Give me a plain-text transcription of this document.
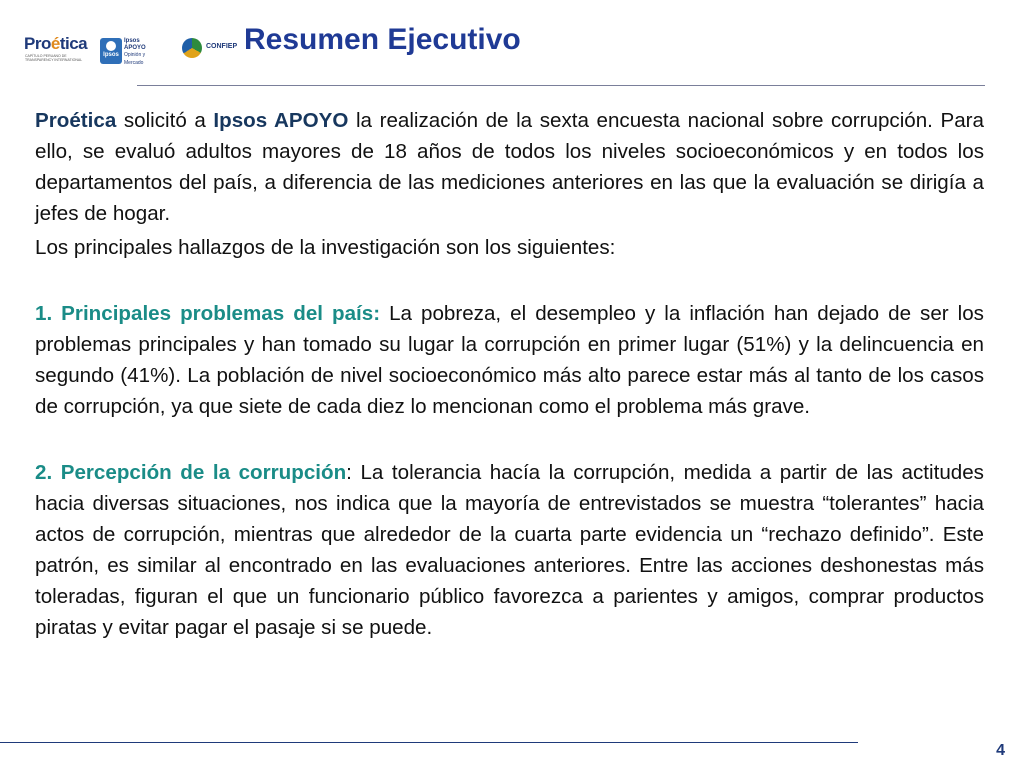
Proética
CAPÍTULO PERUANO DE TRANSPARENCY INTERNATIONAL
Ipsos
Ipsos APOYO
Opinión y Mercado
CONFIEP Resumen Ejecutivo

Proética solicitó a Ipsos APOYO la realización de la sexta encuesta nacional sobre corrupción. Para ello, se evaluó adultos mayores de 18 años de todos los niveles socioeconómicos y en todos los departamentos del país, a diferencia de las mediciones anteriores en las que la evaluación se dirigía a jefes de hogar.

Los principales hallazgos de la investigación son los siguientes:

1. Principales problemas del país: La pobreza, el desempleo y la inflación han dejado de ser los problemas principales y han tomado su lugar la corrupción en primer lugar (51%) y la delincuencia en segundo (41%). La población de nivel socioeconómico más alto parece estar más al tanto de los casos de corrupción, ya que siete de cada diez lo mencionan como el problema más grave.

2. Percepción de la corrupción: La tolerancia hacía la corrupción, medida a partir de las actitudes hacia diversas situaciones, nos indica que la mayoría de entrevistados se muestra “tolerantes” hacia actos de corrupción, mientras que alrededor de la cuarta parte evidencia un “rechazo definido”. Este patrón, es similar al encontrado en las evaluaciones anteriores. Entre las acciones deshonestas más toleradas, figuran el que un funcionario público favorezca a parientes y amigos, comprar productos piratas y evitar pagar el pasaje si se puede.

4
